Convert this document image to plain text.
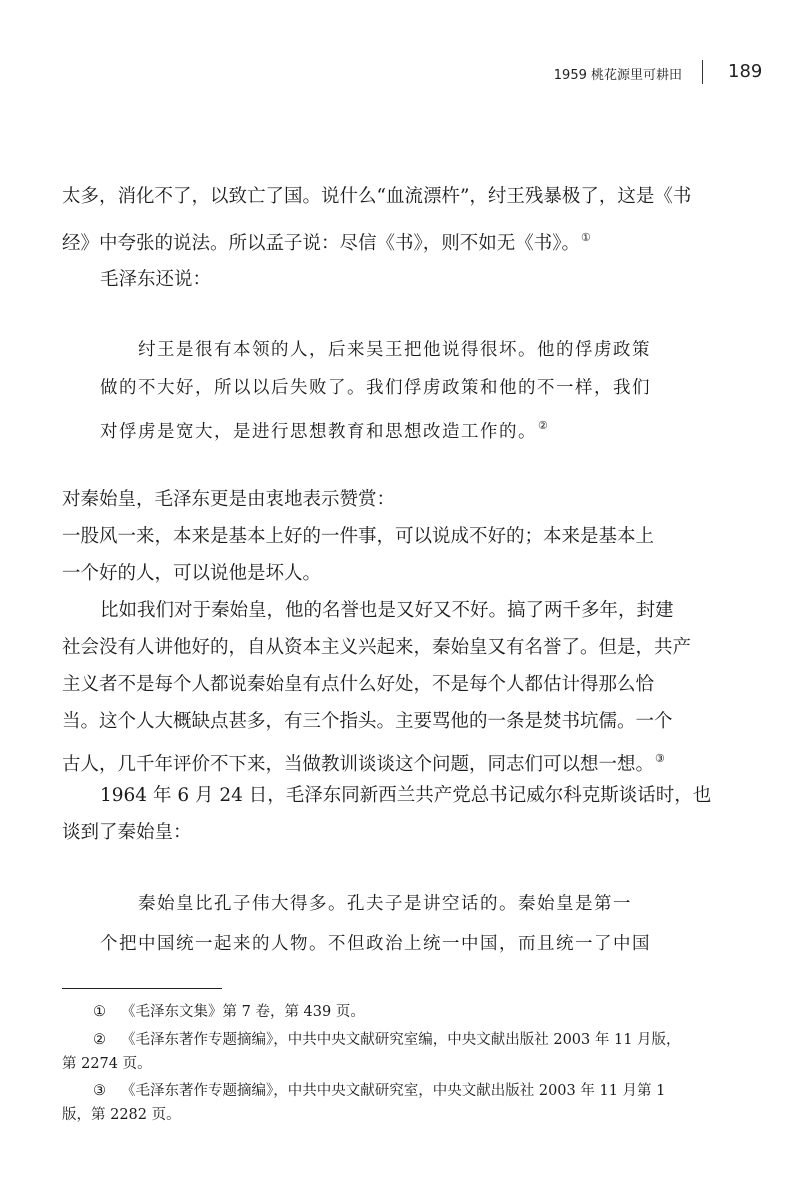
1959 桃花源里可耕田	189
太多，消化不了，以致亡了国。说什么“血流漂杵”，纣王残暴极了，这是《书
经》中夸张的说法。所以孟子说：尽信《书》，则不如无《书》。①
毛泽东还说：
纣王是很有本领的人，后来吴王把他说得很坏。他的俘虏政策
做的不大好，所以以后失败了。我们俘虏政策和他的不一样，我们
对俘虏是宽大，是进行思想教育和思想改造工作的。②
对秦始皇，毛泽东更是由衷地表示赞赏：
一股风一来，本来是基本上好的一件事，可以说成不好的；本来是基本上
一个好的人，可以说他是坏人。
比如我们对于秦始皇，他的名誉也是又好又不好。搞了两千多年，封建
社会没有人讲他好的，自从资本主义兴起来，秦始皇又有名誉了。但是，共产
主义者不是每个人都说秦始皇有点什么好处，不是每个人都估计得那么恰
当。这个人大概缺点甚多，有三个指头。主要骂他的一条是焚书坑儒。一个
古人，几千年评价不下来，当做教训谈谈这个问题，同志们可以想一想。③
1964 年 6 月 24 日，毛泽东同新西兰共产党总书记威尔科克斯谈话时，也
谈到了秦始皇：
秦始皇比孔子伟大得多。孔夫子是讲空话的。秦始皇是第一
个把中国统一起来的人物。不但政治上统一中国，而且统一了中国
① 《毛泽东文集》第 7 卷，第 439 页。
② 《毛泽东著作专题摘编》，中共中央文献研究室编，中央文献出版社 2003 年 11 月版，
第 2274 页。
③ 《毛泽东著作专题摘编》，中共中央文献研究室，中央文献出版社 2003 年 11 月第 1
版，第 2282 页。
